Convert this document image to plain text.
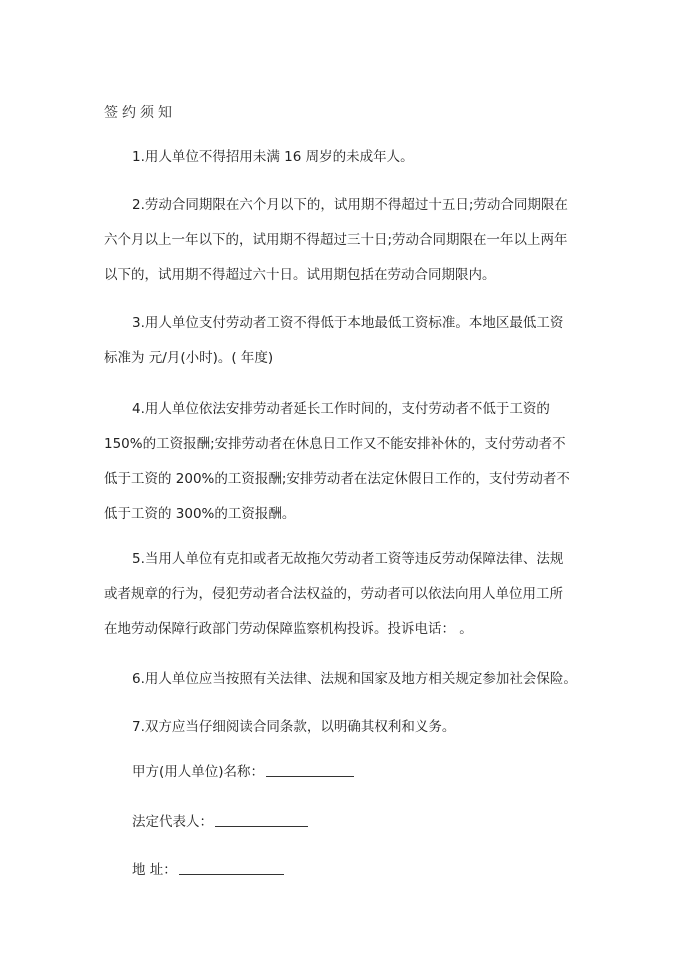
签约须知
1.用人单位不得招用未满 16 周岁的未成年人。
2.劳动合同期限在六个月以下的，试用期不得超过十五日;劳动合同期限在
六个月以上一年以下的，试用期不得超过三十日;劳动合同期限在一年以上两年
以下的，试用期不得超过六十日。试用期包括在劳动合同期限内。
3.用人单位支付劳动者工资不得低于本地最低工资标准。本地区最低工资
标准为 元/月(小时)。( 年度)
4.用人单位依法安排劳动者延长工作时间的，支付劳动者不低于工资的
150%的工资报酬;安排劳动者在休息日工作又不能安排补休的，支付劳动者不
低于工资的 200%的工资报酬;安排劳动者在法定休假日工作的，支付劳动者不
低于工资的 300%的工资报酬。
5.当用人单位有克扣或者无故拖欠劳动者工资等违反劳动保障法律、法规
或者规章的行为，侵犯劳动者合法权益的，劳动者可以依法向用人单位用工所
在地劳动保障行政部门劳动保障监察机构投诉。投诉电话： 。
6.用人单位应当按照有关法律、法规和国家及地方相关规定参加社会保险。
7.双方应当仔细阅读合同条款，以明确其权利和义务。
甲方(用人单位)名称：
法定代表人：
地 址：
